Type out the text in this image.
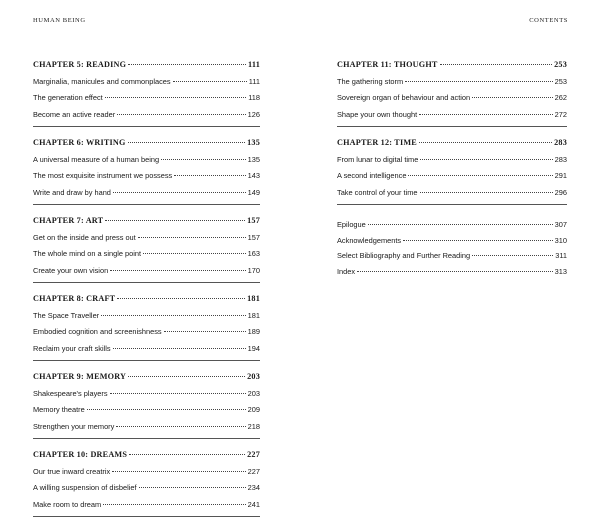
HUMAN BEING	CONTENTS
CHAPTER 5: READING	111
Marginalia, manicules and commonplaces	111
The generation effect	118
Become an active reader	126
CHAPTER 6: WRITING	135
A universal measure of a human being	135
The most exquisite instrument we possess	143
Write and draw by hand	149
CHAPTER 7: ART	157
Get on the inside and press out	157
The whole mind on a single point	163
Create your own vision	170
CHAPTER 8: CRAFT	181
The Space Traveller	181
Embodied cognition and screenishness	189
Reclaim your craft skills	194
CHAPTER 9: MEMORY	203
Shakespeare's players	203
Memory theatre	209
Strengthen your memory	218
CHAPTER 10: DREAMS	227
Our true inward creatrix	227
A willing suspension of disbelief	234
Make room to dream	241
CHAPTER 11: THOUGHT	253
The gathering storm	253
Sovereign organ of behaviour and action	262
Shape your own thought	272
CHAPTER 12: TIME	283
From lunar to digital time	283
A second intelligence	291
Take control of your time	296
Epilogue	307
Acknowledgements	310
Select Bibliography and Further Reading	311
Index	313
